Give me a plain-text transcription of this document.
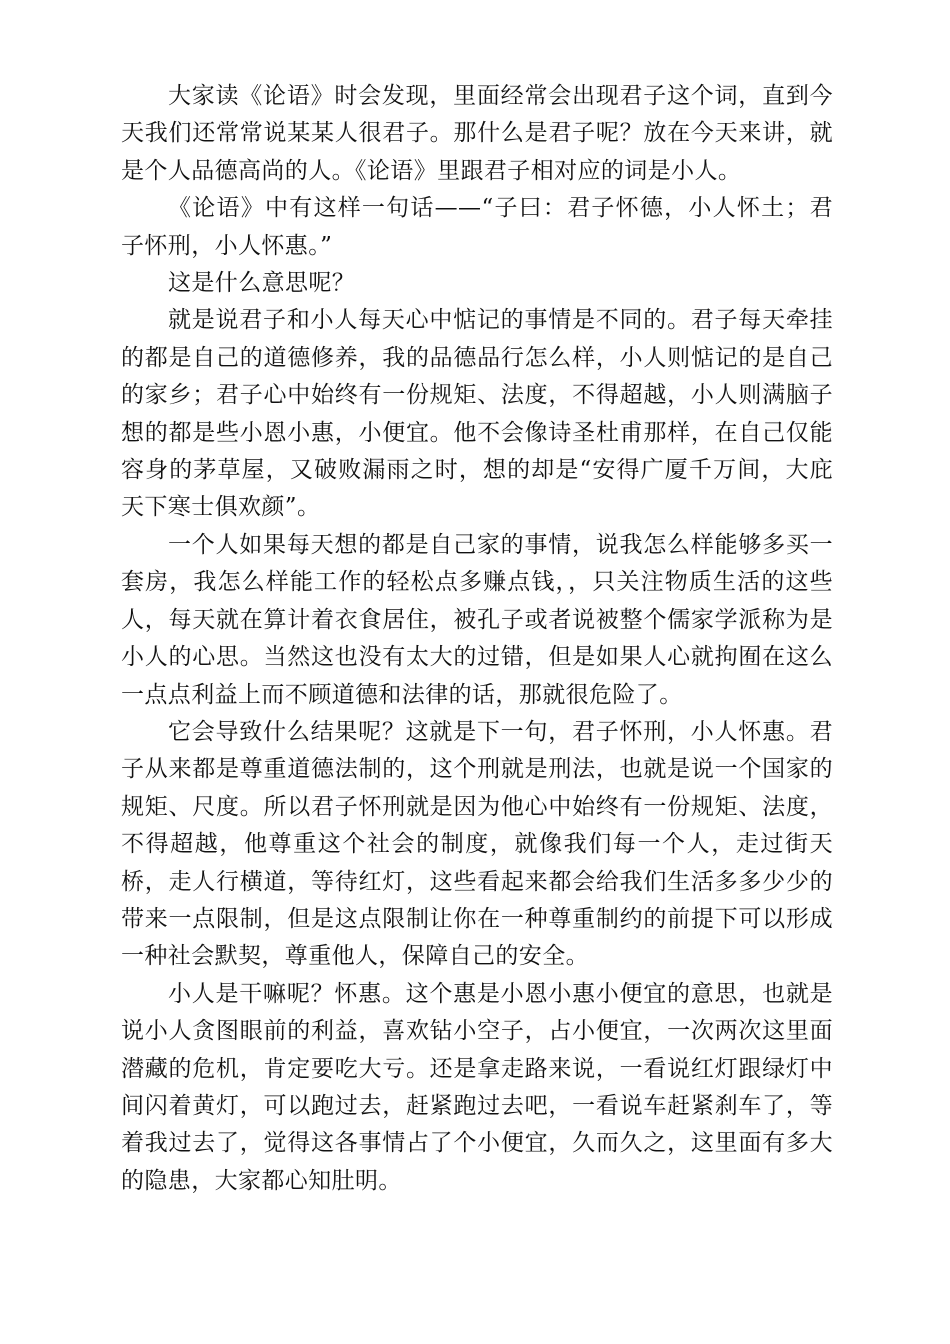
大家读《论语》时会发现，里面经常会出现君子这个词，直到今天我们还常常说某某人很君子。那什么是君子呢？放在今天来讲，就是个人品德高尚的人。《论语》里跟君子相对应的词是小人。

《论语》中有这样一句话——“子曰：君子怀德，小人怀土；君子怀刑，小人怀惠。”

这是什么意思呢？

就是说君子和小人每天心中惦记的事情是不同的。君子每天牵挂的都是自己的道德修养，我的品德品行怎么样，小人则惦记的是自己的家乡；君子心中始终有一份规矩、法度，不得超越，小人则满脑子想的都是些小恩小惠，小便宜。他不会像诗圣杜甫那样，在自己仅能容身的茅草屋，又破败漏雨之时，想的却是“安得广厦千万间，大庇天下寒士俱欢颜”。

一个人如果每天想的都是自己家的事情，说我怎么样能够多买一套房，我怎么样能工作的轻松点多赚点钱，，只关注物质生活的这些人，每天就在算计着衣食居住，被孔子或者说被整个儒家学派称为是小人的心思。当然这也没有太大的过错，但是如果人心就拘囿在这么一点点利益上而不顾道德和法律的话，那就很危险了。

它会导致什么结果呢？这就是下一句，君子怀刑，小人怀惠。君子从来都是尊重道德法制的，这个刑就是刑法，也就是说一个国家的规矩、尺度。所以君子怀刑就是因为他心中始终有一份规矩、法度，不得超越，他尊重这个社会的制度，就像我们每一个人，走过街天桥，走人行横道，等待红灯，这些看起来都会给我们生活多多少少的带来一点限制，但是这点限制让你在一种尊重制约的前提下可以形成一种社会默契，尊重他人，保障自己的安全。

小人是干嘛呢？怀惠。这个惠是小恩小惠小便宜的意思，也就是说小人贪图眼前的利益，喜欢钻小空子，占小便宜，一次两次这里面潜藏的危机，肯定要吃大亏。还是拿走路来说，一看说红灯跟绿灯中间闪着黄灯，可以跑过去，赶紧跑过去吧，一看说车赶紧刹车了，等着我过去了，觉得这各事情占了个小便宜，久而久之，这里面有多大的隐患，大家都心知肚明。
